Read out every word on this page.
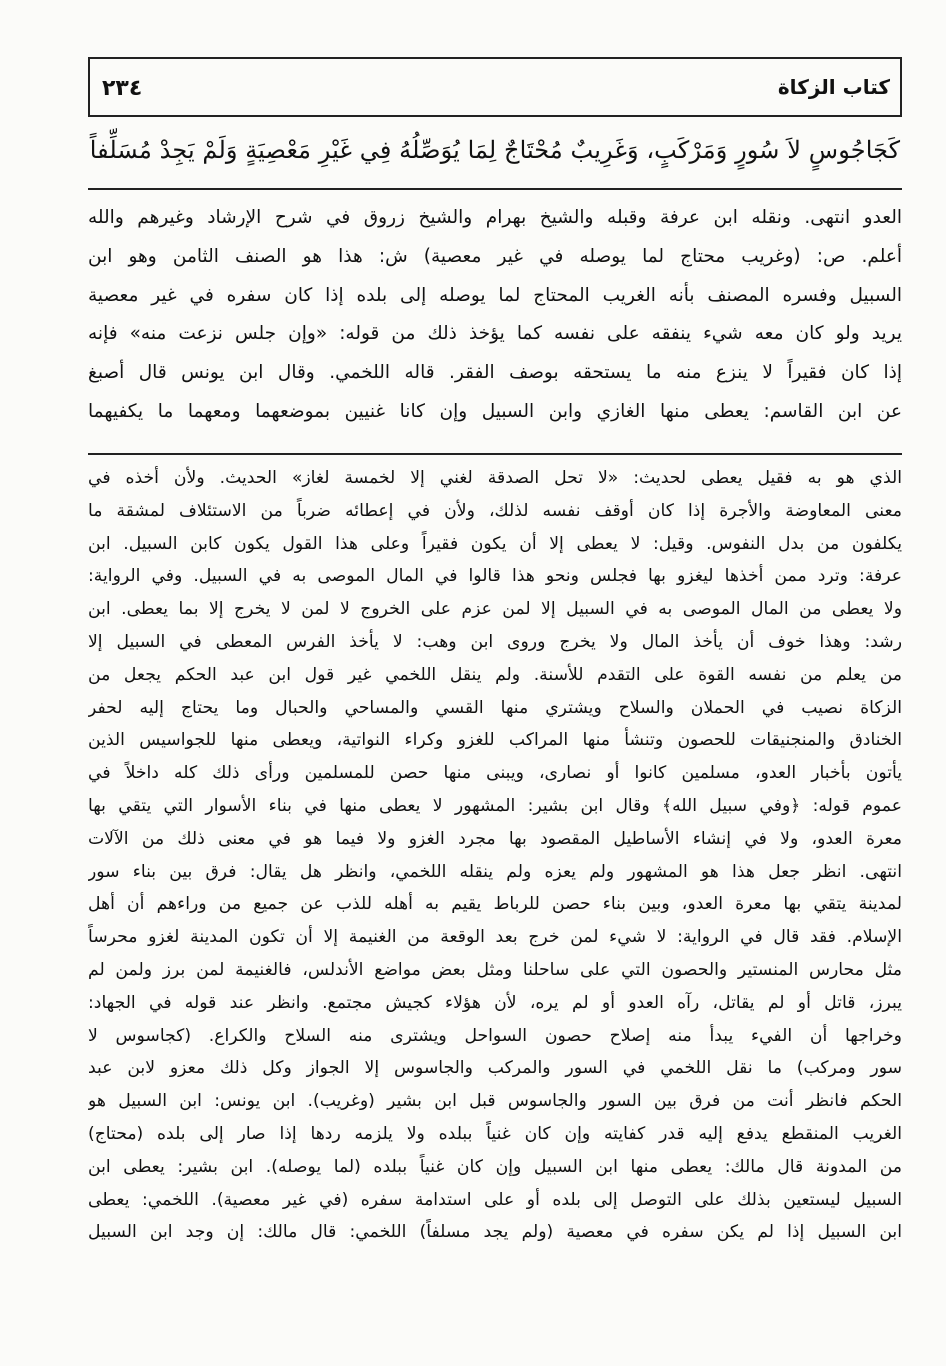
كتاب الزكاة
٢٣٤
كَجَاجُوسٍ لاَ سُورٍ وَمَرْكَبٍ، وَغَرِيبٌ مُحْتَاجٌ لِمَا يُوَصِّلُهُ فِي غَيْرِ مَعْصِيَةٍ وَلَمْ يَجِدْ مُسَلِّفاً
العدو انتهى. ونقله ابن عرفة وقبله والشيخ بهرام والشيخ زروق في شرح الإرشاد وغيرهم والله
أعلم. ص: (وغريب محتاج لما يوصله في غير معصية) ش: هذا هو الصنف الثامن وهو ابن
السبيل وفسره المصنف بأنه الغريب المحتاج لما يوصله إلى بلده إذا كان سفره في غير معصية
يريد ولو كان معه شيء ينفقه على نفسه كما يؤخذ ذلك من قوله: «وإن جلس نزعت منه» فإنه
إذا كان فقيراً لا ينزع منه ما يستحقه بوصف الفقر. قاله اللخمي. وقال ابن يونس قال أصبغ
عن ابن القاسم: يعطى منها الغازي وابن السبيل وإن كانا غنيين بموضعهما ومعهما ما يكفيهما
الذي هو به فقيل يعطى لحديث: «لا تحل الصدقة لغني إلا لخمسة لغاز» الحديث. ولأن أخذه في
معنى المعاوضة والأجرة إذا كان أوقف نفسه لذلك، ولأن في إعطائه ضرباً من الاستئلاف لمشقة ما
يكلفون من بدل النفوس. وقيل: لا يعطى إلا أن يكون فقيراً وعلى هذا القول يكون كابن السبيل. ابن
عرفة: وترد ممن أخذها ليغزو بها فجلس ونحو هذا قالوا في المال الموصى به في السبيل. وفي الرواية:
ولا يعطى من المال الموصى به في السبيل إلا لمن عزم على الخروج لا لمن لا يخرج إلا بما يعطى. ابن
رشد: وهذا خوف أن يأخذ المال ولا يخرج وروى ابن وهب: لا يأخذ الفرس المعطى في السبيل إلا
من يعلم من نفسه القوة على التقدم للأسنة. ولم ينقل اللخمي غير قول ابن عبد الحكم يجعل من
الزكاة نصيب في الحملان والسلاح ويشتري منها القسي والمساحي والحبال وما يحتاج إليه لحفر
الخنادق والمنجنيقات للحصون وتنشأ منها المراكب للغزو وكراء النواتية، ويعطى منها للجواسيس الذين
يأتون بأخبار العدو، مسلمين كانوا أو نصارى، ويبنى منها حصن للمسلمين ورأى ذلك كله داخلاً في
عموم قوله: ﴿وفي سبيل الله﴾ وقال ابن بشير: المشهور لا يعطى منها في بناء الأسوار التي يتقي بها
معرة العدو، ولا في إنشاء الأساطيل المقصود بها مجرد الغزو ولا فيما هو في معنى ذلك من الآلات
انتهى. انظر جعل هذا هو المشهور ولم يعزه ولم ينقله اللخمي، وانظر هل يقال: فرق بين بناء سور
لمدينة يتقي بها معرة العدو، وبين بناء حصن للرباط يقيم به أهله للذب عن جميع من وراءهم أن أهل
الإسلام. فقد قال في الرواية: لا شيء لمن خرج بعد الوقعة من الغنيمة إلا أن تكون المدينة لغزو محرساً
مثل محارس المنستير والحصون التي على ساحلنا ومثل بعض مواضع الأندلس، فالغنيمة لمن برز ولمن لم
يبرز، قاتل أو لم يقاتل، رآه العدو أو لم يره، لأن هؤلاء كجيش مجتمع. وانظر عند قوله في الجهاد:
وخراجها أن الفيء يبدأ منه إصلاح حصون السواحل ويشترى منه السلاح والكراع. (كجاسوس لا
سور ومركب) ما نقل اللخمي في السور والمركب والجاسوس إلا الجواز وكل ذلك معزو لابن عبد
الحكم فانظر أنت من فرق بين السور والجاسوس قبل ابن بشير (وغريب). ابن يونس: ابن السبيل هو
الغريب المنقطع يدفع إليه قدر كفايته وإن كان غنياً ببلده ولا يلزمه ردها إذا صار إلى بلده (محتاج)
من المدونة قال مالك: يعطى منها ابن السبيل وإن كان غنياً ببلده (لما يوصله). ابن بشير: يعطى ابن
السبيل ليستعين بذلك على التوصل إلى بلده أو على استدامة سفره (في غير معصية). اللخمي: يعطى
ابن السبيل إذا لم يكن سفره في معصية (ولم يجد مسلفاً) اللخمي: قال مالك: إن وجد ابن السبيل
